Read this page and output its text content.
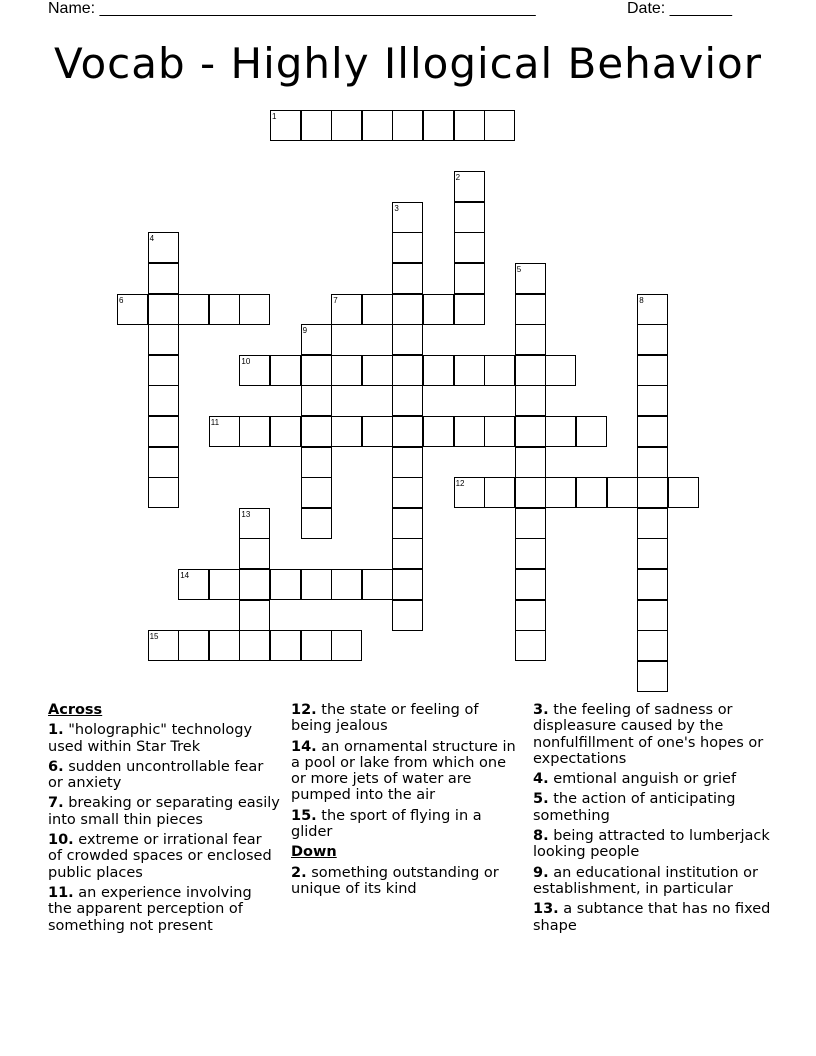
Name: _________________________________________________	Date: _______
Vocab - Highly Illogical Behavior
1
2
3
4
5
6	7	8
9
10
11
12
13
14
15
Across
1. "holographic" technology used within Star Trek
6. sudden uncontrollable fear or anxiety
7. breaking or separating easily into small thin pieces
10. extreme or irrational fear of crowded spaces or enclosed public places
11. an experience involving the apparent perception of something not present
12. the state or feeling of being jealous
14. an ornamental structure in a pool or lake from which one or more jets of water are pumped into the air
15. the sport of flying in a glider
Down
2. something outstanding or unique of its kind
3. the feeling of sadness or displeasure caused by the nonfulfillment of one's hopes or expectations
4. emtional anguish or grief
5. the action of anticipating something
8. being attracted to lumberjack looking people
9. an educational institution or establishment, in particular
13. a subtance that has no fixed shape
